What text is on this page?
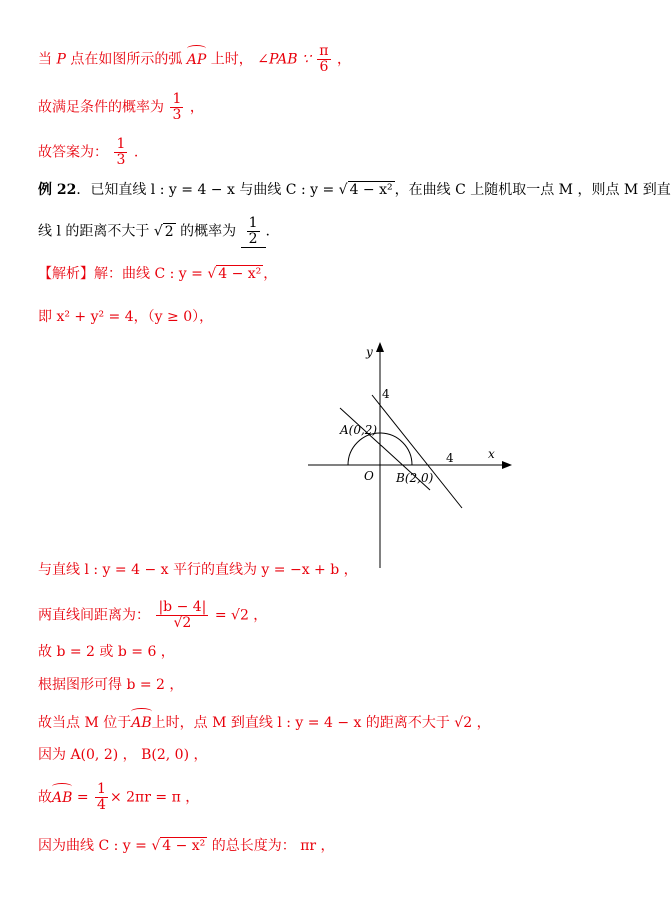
当 P 点在如图所示的弧 AP 上时， ∠PAB ∵ $\frac{\pi}{6}$ ，
故满足条件的概率为 $\frac{1}{3}$ ，
故答案为： $\frac{1}{3}$ .
例 22．已知直线 l : y = 4 − x 与曲线 C : y = √ 4 − x² ，在曲线 C 上随机取一点 M ，则点 M 到直
线 l 的距离不大于 √ 2 的概率为 $\frac{1}{2}$ .
【解析】解：曲线 C : y = √ 4 − x² ，
即 x² + y² = 4，（y ≥ 0），
y
x
4
4
O
A(0,2)
B(2,0)
与直线 l : y = 4 − x 平行的直线为 y = −x + b ，
两直线间距离为： $\frac{|b - 4|}{√2} = √2$ ，
故 b = 2 或 b = 6 ，
根据图形可得 b = 2 ，
故当点 M 位于AB上时，点 M 到直线 l : y = 4 − x 的距离不大于 √2 ，
因为 A(0, 2) ， B(2, 0) ，
故AB = $\frac{1}{4} \times 2\pi r = \pi$ ，
因为曲线 C : y = √ 4 − x² 的总长度为： πr ，
